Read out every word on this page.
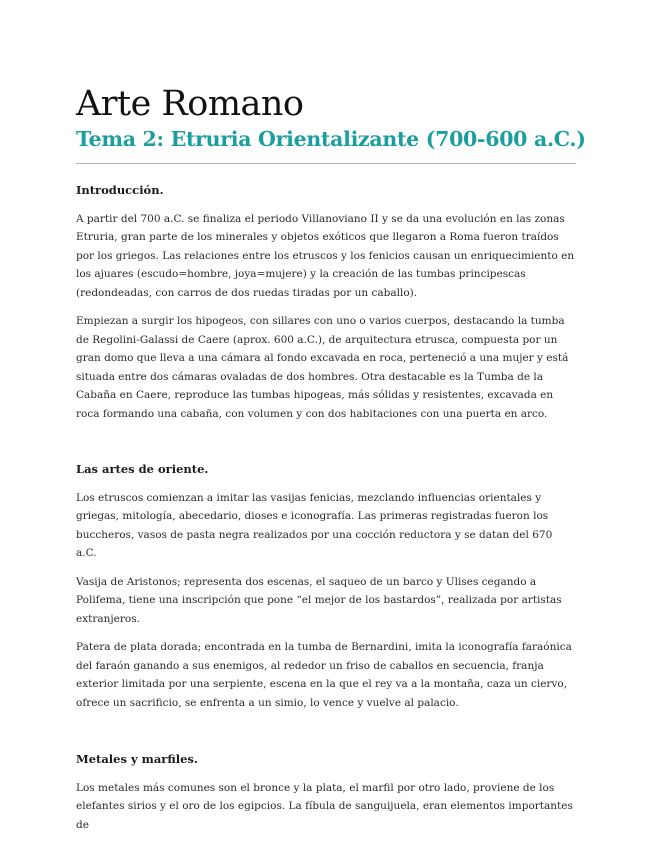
Arte Romano
Tema 2: Etruria Orientalizante (700-600 a.C.)

Introducción.

A partir del 700 a.C. se finaliza el periodo Villanoviano II y se da una evolución en las zonas Etruria, gran parte de los minerales y objetos exóticos que llegaron a Roma fueron traídos por los griegos. Las relaciones entre los etruscos y los fenicios causan un enriquecimiento en los ajuares (escudo=hombre, joya=mujere) y la creación de las tumbas principescas (redondeadas, con carros de dos ruedas tiradas por un caballo).

Empiezan a surgir los hipogeos, con sillares con uno o varios cuerpos, destacando la tumba de Regolini-Galassi de Caere (aprox. 600 a.C.), de arquitectura etrusca, compuesta por un gran domo que lleva a una cámara al fondo excavada en roca, perteneció a una mujer y está situada entre dos cámaras ovaladas de dos hombres. Otra destacable es la Tumba de la Cabaña en Caere, reproduce las tumbas hipogeas, más sólidas y resistentes, excavada en roca formando una cabaña, con volumen y con dos habitaciones con una puerta en arco.

Las artes de oriente.

Los etruscos comienzan a imitar las vasijas fenicias, mezclando influencias orientales y griegas, mitología, abecedario, dioses e iconografía. Las primeras registradas fueron los buccheros, vasos de pasta negra realizados por una cocción reductora y se datan del 670 a.C.

Vasija de Aristonos; representa dos escenas, el saqueo de un barco y Ulises cegando a Polifema, tiene una inscripción que pone “el mejor de los bastardos”, realizada por artistas extranjeros.

Patera de plata dorada; encontrada en la tumba de Bernardini, imita la iconografía faraónica del faraón ganando a sus enemigos, al rededor un friso de caballos en secuencia, franja exterior limitada por una serpiente, escena en la que el rey va a la montaña, caza un ciervo, ofrece un sacrificio, se enfrenta a un simio, lo vence y vuelve al palacio.

Metales y marfiles.

Los metales más comunes son el bronce y la plata, el marfil por otro lado, proviene de los elefantes sirios y el oro de los egipcios. La fíbula de sanguijuela, eran elementos importantes de
